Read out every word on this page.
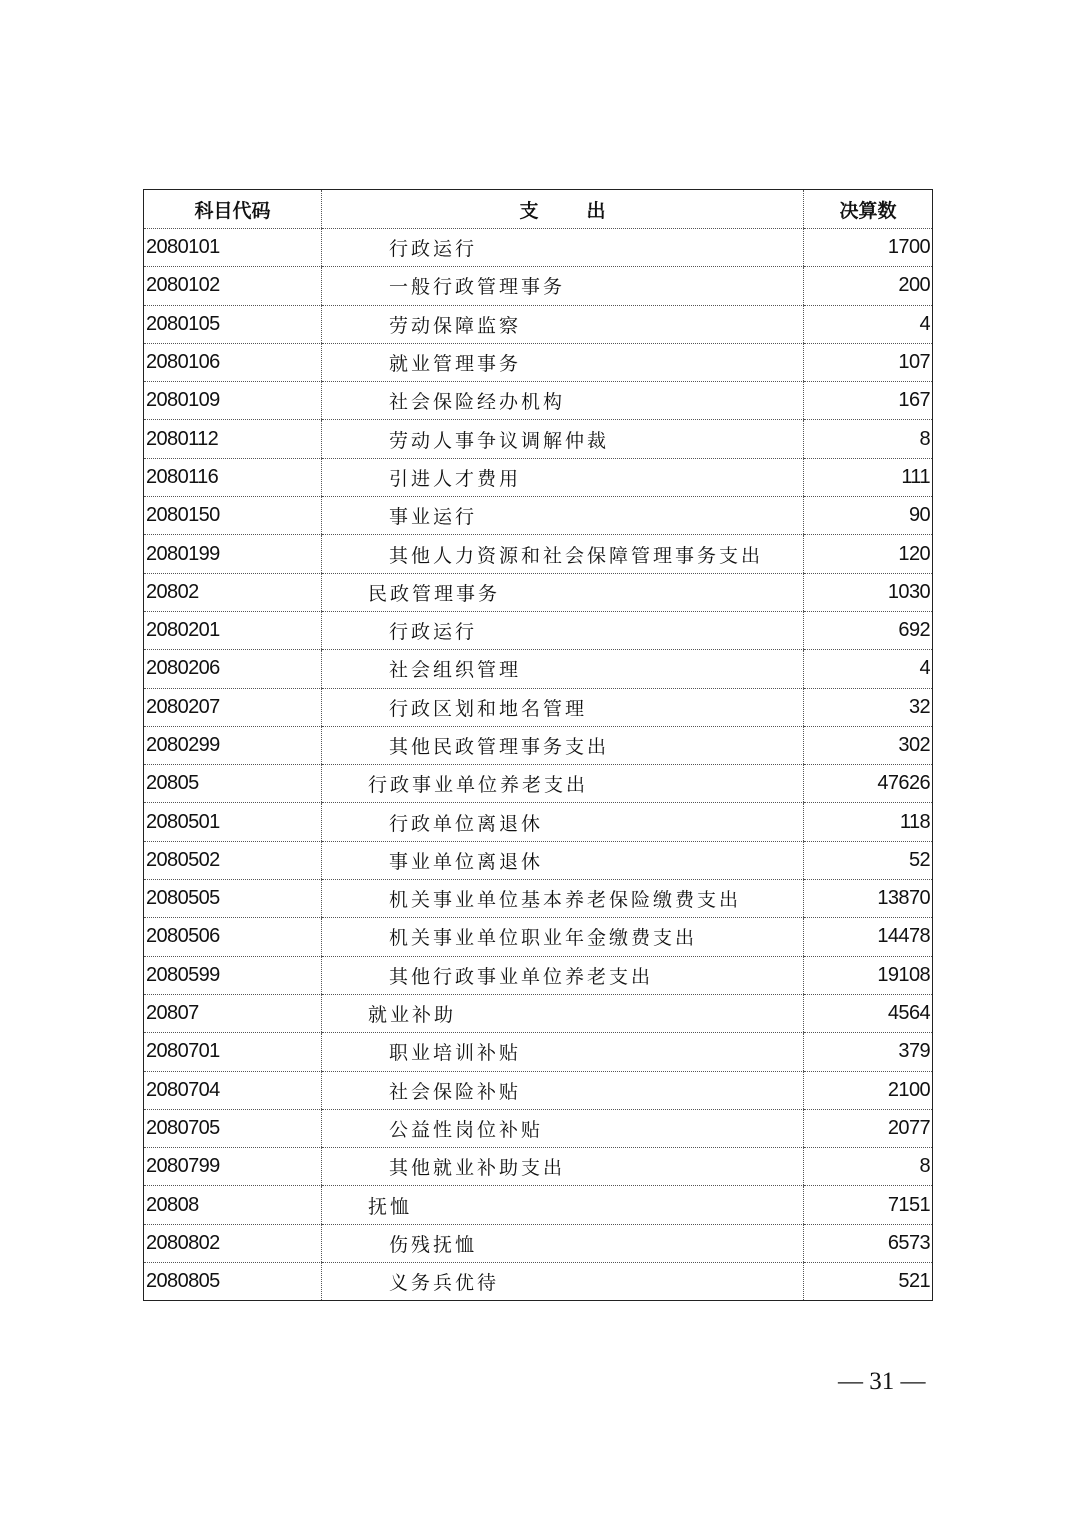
科目代码	支出	决算数
2080101	行政运行	1700
2080102	一般行政管理事务	200
2080105	劳动保障监察	4
2080106	就业管理事务	107
2080109	社会保险经办机构	167
2080112	劳动人事争议调解仲裁	8
2080116	引进人才费用	111
2080150	事业运行	90
2080199	其他人力资源和社会保障管理事务支出	120
20802	民政管理事务	1030
2080201	行政运行	692
2080206	社会组织管理	4
2080207	行政区划和地名管理	32
2080299	其他民政管理事务支出	302
20805	行政事业单位养老支出	47626
2080501	行政单位离退休	118
2080502	事业单位离退休	52
2080505	机关事业单位基本养老保险缴费支出	13870
2080506	机关事业单位职业年金缴费支出	14478
2080599	其他行政事业单位养老支出	19108
20807	就业补助	4564
2080701	职业培训补贴	379
2080704	社会保险补贴	2100
2080705	公益性岗位补贴	2077
2080799	其他就业补助支出	8
20808	抚恤	7151
2080802	伤残抚恤	6573
2080805	义务兵优待	521
— 31 —
